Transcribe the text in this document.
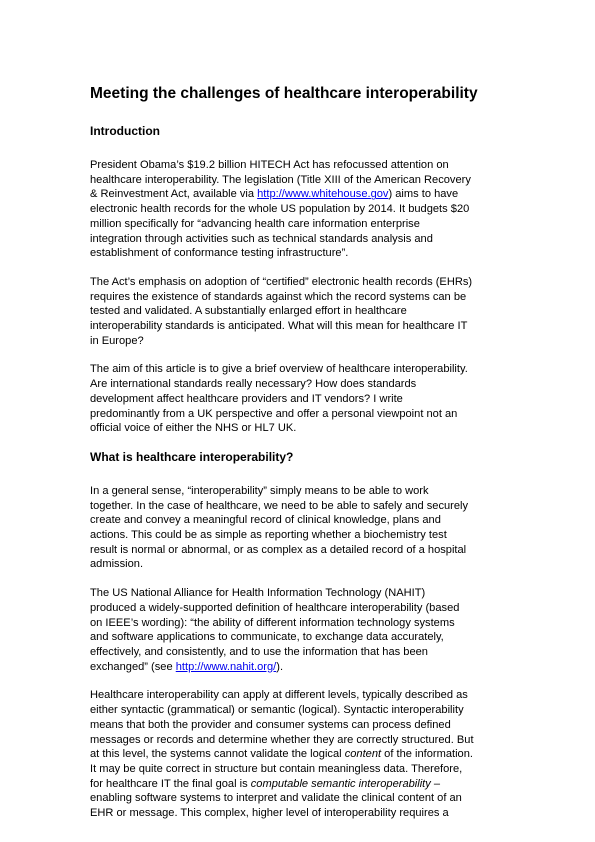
Meeting the challenges of healthcare interoperability
Introduction

President Obama’s $19.2 billion HITECH Act has refocussed attention on
healthcare interoperability. The legislation (Title XIII of the American Recovery
& Reinvestment Act, available via http://www.whitehouse.gov) aims to have
electronic health records for the whole US population by 2014. It budgets $20
million specifically for “advancing health care information enterprise
integration through activities such as technical standards analysis and
establishment of conformance testing infrastructure”.

The Act’s emphasis on adoption of “certified” electronic health records (EHRs)
requires the existence of standards against which the record systems can be
tested and validated. A substantially enlarged effort in healthcare
interoperability standards is anticipated. What will this mean for healthcare IT
in Europe?

The aim of this article is to give a brief overview of healthcare interoperability.
Are international standards really necessary? How does standards
development affect healthcare providers and IT vendors? I write
predominantly from a UK perspective and offer a personal viewpoint not an
official voice of either the NHS or HL7 UK.

What is healthcare interoperability?

In a general sense, “interoperability” simply means to be able to work
together. In the case of healthcare, we need to be able to safely and securely
create and convey a meaningful record of clinical knowledge, plans and
actions. This could be as simple as reporting whether a biochemistry test
result is normal or abnormal, or as complex as a detailed record of a hospital
admission.

The US National Alliance for Health Information Technology (NAHIT)
produced a widely-supported definition of healthcare interoperability (based
on IEEE’s wording): “the ability of different information technology systems
and software applications to communicate, to exchange data accurately,
effectively, and consistently, and to use the information that has been
exchanged” (see http://www.nahit.org/).

Healthcare interoperability can apply at different levels, typically described as
either syntactic (grammatical) or semantic (logical). Syntactic interoperability
means that both the provider and consumer systems can process defined
messages or records and determine whether they are correctly structured. But
at this level, the systems cannot validate the logical content of the information.
It may be quite correct in structure but contain meaningless data. Therefore,
for healthcare IT the final goal is computable semantic interoperability –
enabling software systems to interpret and validate the clinical content of an
EHR or message. This complex, higher level of interoperability requires a
